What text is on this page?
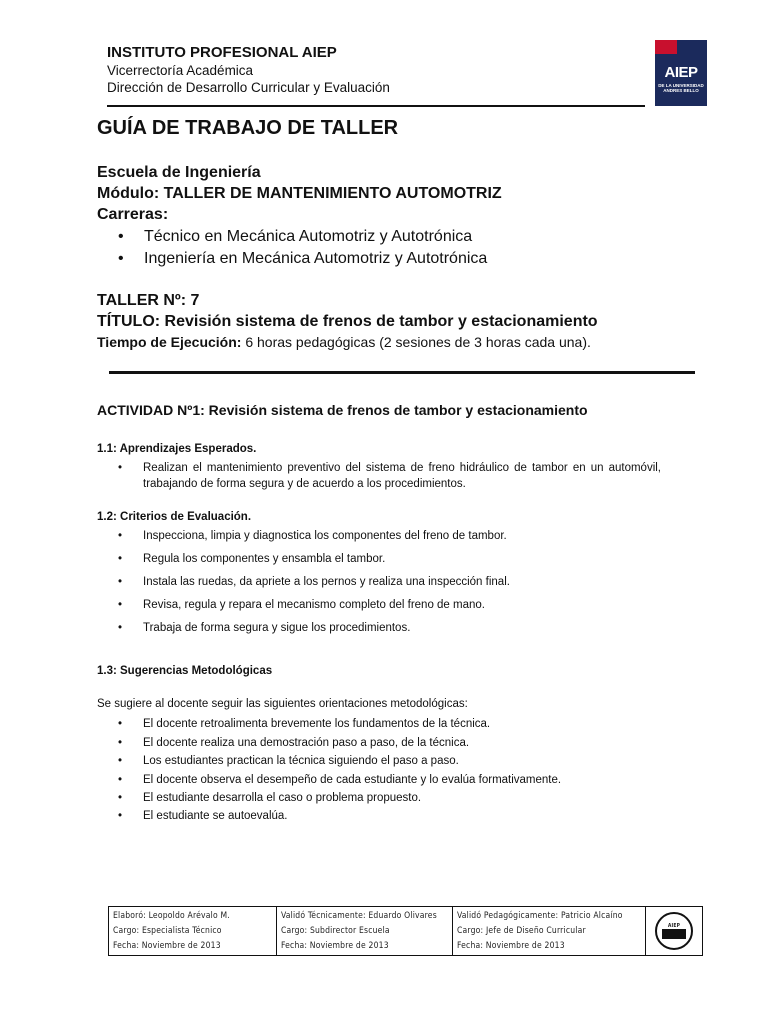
INSTITUTO PROFESIONAL AIEP
Vicerrectoría Académica
Dirección de Desarrollo Curricular y Evaluación
AIEP
DE LA UNIVERSIDAD
ANDRES BELLO
GUÍA DE TRABAJO DE TALLER
Escuela de Ingeniería
Módulo: TALLER DE MANTENIMIENTO AUTOMOTRIZ
Carreras:
• Técnico en Mecánica Automotriz y Autotrónica
• Ingeniería en Mecánica Automotriz y Autotrónica
TALLER Nº: 7
TÍTULO: Revisión sistema de frenos de tambor y estacionamiento
Tiempo de Ejecución: 6 horas pedagógicas (2 sesiones de 3 horas cada una).
ACTIVIDAD Nº1: Revisión sistema de frenos de tambor y estacionamiento
1.1: Aprendizajes Esperados.
•	Realizan el mantenimiento preventivo del sistema de freno hidráulico de tambor en un automóvil, trabajando de forma segura y de acuerdo a los procedimientos.
1.2: Criterios de Evaluación.
•	Inspecciona, limpia y diagnostica los componentes del freno de tambor.
•	Regula los componentes y ensambla el tambor.
•	Instala las ruedas, da apriete a los pernos y realiza una inspección final.
•	Revisa, regula y repara el mecanismo completo del freno de mano.
•	Trabaja de forma segura y sigue los procedimientos.
1.3: Sugerencias Metodológicas
Se sugiere al docente seguir las siguientes orientaciones metodológicas:
•	El docente retroalimenta brevemente los fundamentos de la técnica.
•	El docente realiza una demostración paso a paso, de la técnica.
•	Los estudiantes practican la técnica siguiendo el paso a paso.
•	El docente observa el desempeño de cada estudiante y lo evalúa formativamente.
•	El estudiante desarrolla el caso o problema propuesto.
•	El estudiante se autoevalúa.
Elaboró: Leopoldo Arévalo M.
Cargo: Especialista Técnico
Fecha: Noviembre de 2013
Validó Técnicamente: Eduardo Olivares
Cargo: Subdirector Escuela
Fecha: Noviembre de 2013
Validó Pedagógicamente: Patricio Alcaíno
Cargo: Jefe de Diseño Curricular
Fecha: Noviembre de 2013
AIEP
